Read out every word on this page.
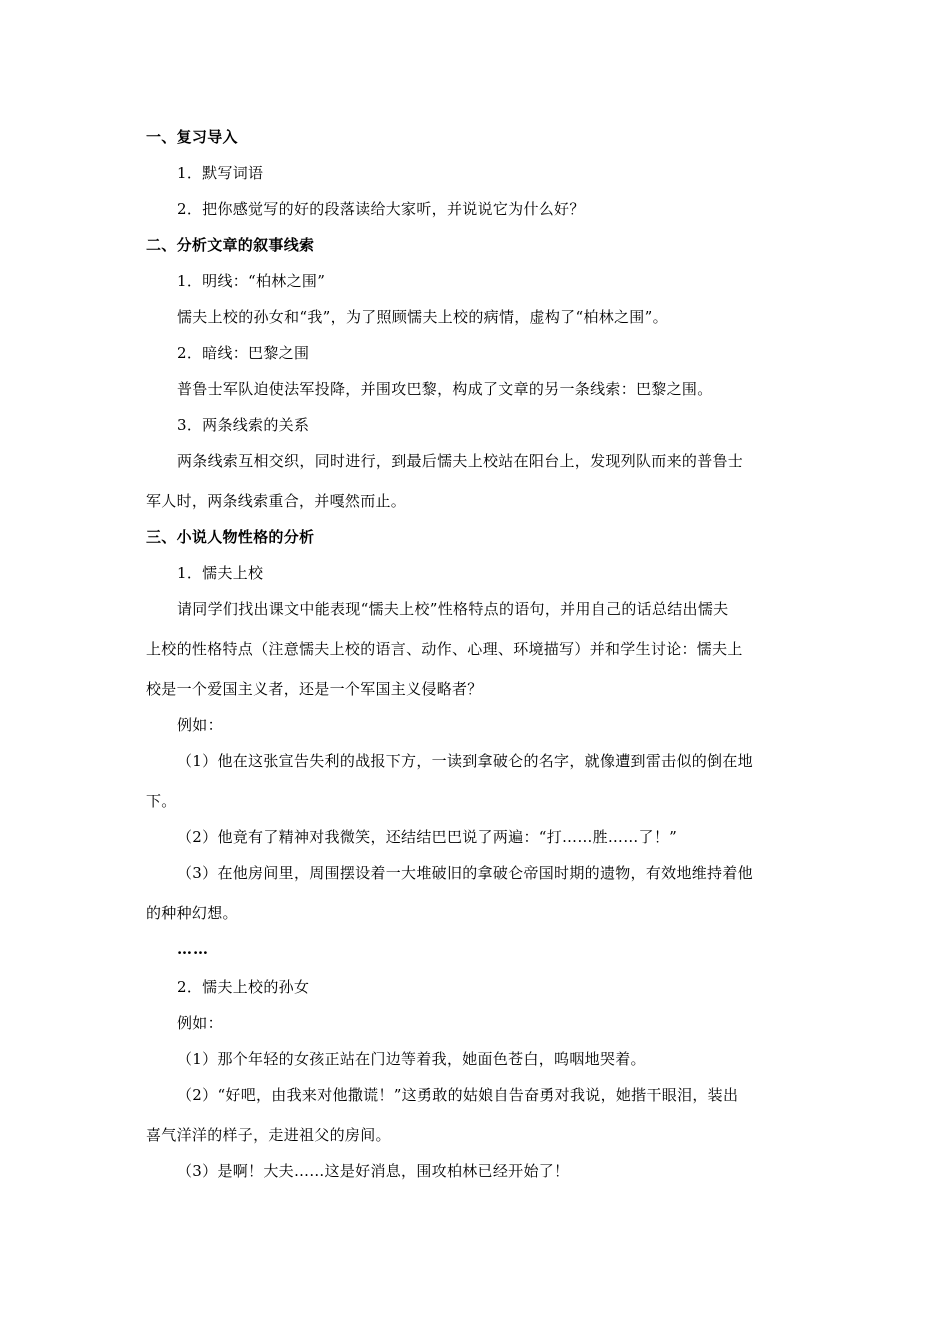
一、复习导入
1．默写词语
2．把你感觉写的好的段落读给大家听，并说说它为什么好？
二、分析文章的叙事线索
1．明线：“柏林之围”
懦夫上校的孙女和“我”，为了照顾懦夫上校的病情，虚构了“柏林之围”。
2．暗线：巴黎之围
普鲁士军队迫使法军投降，并围攻巴黎，构成了文章的另一条线索：巴黎之围。
3．两条线索的关系
两条线索互相交织，同时进行，到最后懦夫上校站在阳台上，发现列队而来的普鲁士
军人时，两条线索重合，并嘎然而止。
三、小说人物性格的分析
1．懦夫上校
请同学们找出课文中能表现“懦夫上校”性格特点的语句，并用自己的话总结出懦夫
上校的性格特点（注意懦夫上校的语言、动作、心理、环境描写）并和学生讨论：懦夫上
校是一个爱国主义者，还是一个军国主义侵略者？
例如：
（1）他在这张宣告失利的战报下方，一读到拿破仑的名字，就像遭到雷击似的倒在地
下。
（2）他竟有了精神对我微笑，还结结巴巴说了两遍：“打……胜……了！”
（3）在他房间里，周围摆设着一大堆破旧的拿破仑帝国时期的遗物，有效地维持着他
的种种幻想。
……
2．懦夫上校的孙女
例如：
（1）那个年轻的女孩正站在门边等着我，她面色苍白，呜咽地哭着。
（2）“好吧，由我来对他撒谎！”这勇敢的姑娘自告奋勇对我说，她揩干眼泪，装出
喜气洋洋的样子，走进祖父的房间。
（3）是啊！大夫……这是好消息，围攻柏林已经开始了！
